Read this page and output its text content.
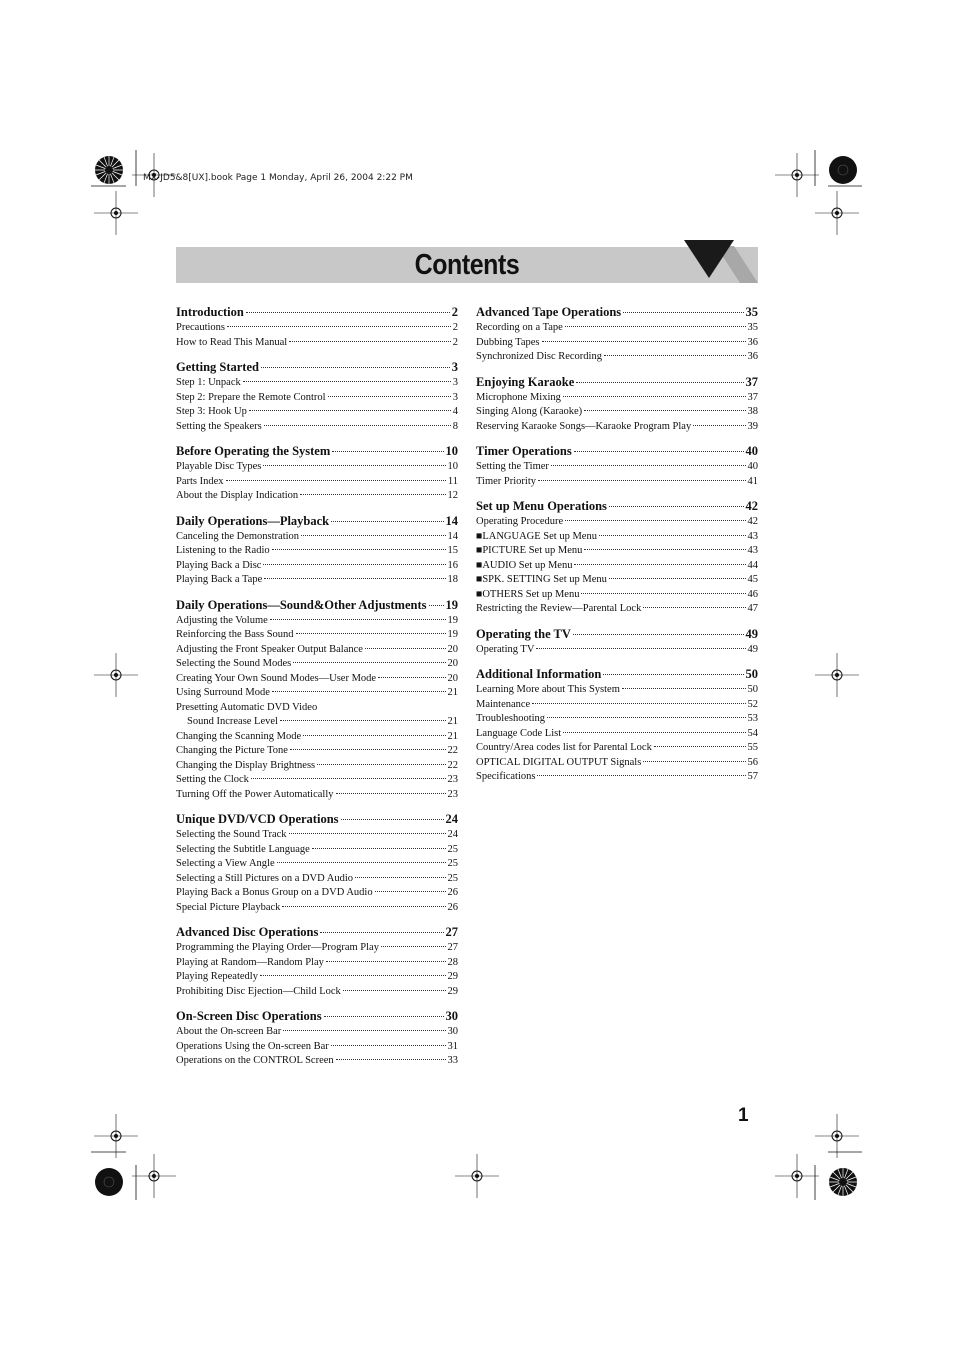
MX-JD5&8[UX].book Page 1 Monday, April 26, 2004 2:22 PM
Contents
Introduction	2
Precautions	2
How to Read This Manual	2
Getting Started	3
Step 1: Unpack	3
Step 2: Prepare the Remote Control	3
Step 3: Hook Up	4
Setting the Speakers	8
Before Operating the System	10
Playable Disc Types	10
Parts Index	11
About the Display Indication	12
Daily Operations—Playback	14
Canceling the Demonstration	14
Listening to the Radio	15
Playing Back a Disc	16
Playing Back a Tape	18
Daily Operations—Sound&Other Adjustments 19
Adjusting the Volume	19
Reinforcing the Bass Sound	19
Adjusting the Front Speaker Output Balance	20
Selecting the Sound Modes	20
Creating Your Own Sound Modes—User Mode	20
Using Surround Mode	21
Presetting Automatic DVD Video
Sound Increase Level	21
Changing the Scanning Mode	21
Changing the Picture Tone	22
Changing the Display Brightness	22
Setting the Clock	23
Turning Off the Power Automatically	23
Unique DVD/VCD Operations	24
Selecting the Sound Track	24
Selecting the Subtitle Language	25
Selecting a View Angle	25
Selecting a Still Pictures on a DVD Audio	25
Playing Back a Bonus Group on a DVD Audio	26
Special Picture Playback	26
Advanced Disc Operations	27
Programming the Playing Order—Program Play	27
Playing at Random—Random Play	28
Playing Repeatedly	29
Prohibiting Disc Ejection—Child Lock	29
On-Screen Disc Operations	30
About the On-screen Bar	30
Operations Using the On-screen Bar	31
Operations on the CONTROL Screen	33
Advanced Tape Operations	35
Recording on a Tape	35
Dubbing Tapes	36
Synchronized Disc Recording	36
Enjoying Karaoke	37
Microphone Mixing	37
Singing Along (Karaoke)	38
Reserving Karaoke Songs—Karaoke Program Play	39
Timer Operations	40
Setting the Timer	40
Timer Priority	41
Set up Menu Operations	42
Operating Procedure	42
■LANGUAGE Set up Menu	43
■PICTURE Set up Menu	43
■AUDIO Set up Menu	44
■SPK. SETTING Set up Menu	45
■OTHERS Set up Menu	46
Restricting the Review—Parental Lock	47
Operating the TV	49
Operating TV	49
Additional Information	50
Learning More about This System	50
Maintenance	52
Troubleshooting	53
Language Code List	54
Country/Area codes list for Parental Lock	55
OPTICAL DIGITAL OUTPUT Signals	56
Specifications	57
1
